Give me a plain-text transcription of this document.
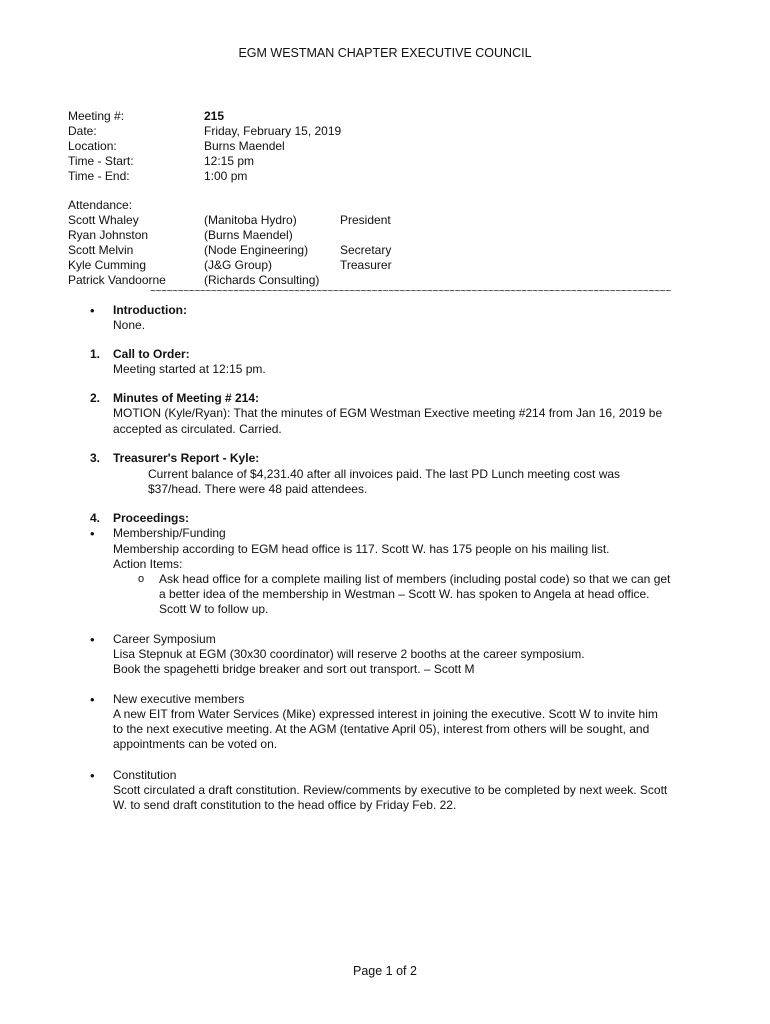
EGM WESTMAN CHAPTER EXECUTIVE COUNCIL
Meeting #:	215
Date:	Friday, February 15, 2019
Location:	Burns Maendel
Time - Start:	12:15 pm
Time - End:	1:00 pm
Attendance:
Scott Whaley	(Manitoba Hydro)	President
Ryan Johnston	(Burns Maendel)
Scott Melvin	(Node Engineering)	Secretary
Kyle Cumming	(J&G Group)	Treasurer
Patrick Vandoorne	(Richards Consulting)
~~~~~~~~~~~~~~~~~~~~~~~~~~~~~~~~~~~~~~~~~~~~~~~~~~~~~~~~~~~~~~~~~~~~~~~~~~~~~~~~~~~~~~~~~~~~~~
• Introduction:
None.
1. Call to Order:
Meeting started at 12:15 pm.
2. Minutes of Meeting # 214:
MOTION (Kyle/Ryan): That the minutes of EGM Westman Exective meeting #214 from Jan 16, 2019 be
accepted as circulated. Carried.
3. Treasurer's Report - Kyle:
Current balance of $4,231.40 after all invoices paid. The last PD Lunch meeting cost was
$37/head. There were 48 paid attendees.
4. Proceedings:
• Membership/Funding
Membership according to EGM head office is 117. Scott W. has 175 people on his mailing list.
Action Items:
o Ask head office for a complete mailing list of members (including postal code) so that we can get
a better idea of the membership in Westman – Scott W. has spoken to Angela at head office.
Scott W to follow up.
• Career Symposium
Lisa Stepnuk at EGM (30x30 coordinator) will reserve 2 booths at the career symposium.
Book the spagehetti bridge breaker and sort out transport. – Scott M
• New executive members
A new EIT from Water Services (Mike) expressed interest in joining the executive. Scott W to invite him
to the next executive meeting. At the AGM (tentative April 05), interest from others will be sought, and
appointments can be voted on.
• Constitution
Scott circulated a draft constitution. Review/comments by executive to be completed by next week. Scott
W. to send draft constitution to the head office by Friday Feb. 22.
Page 1 of 2
